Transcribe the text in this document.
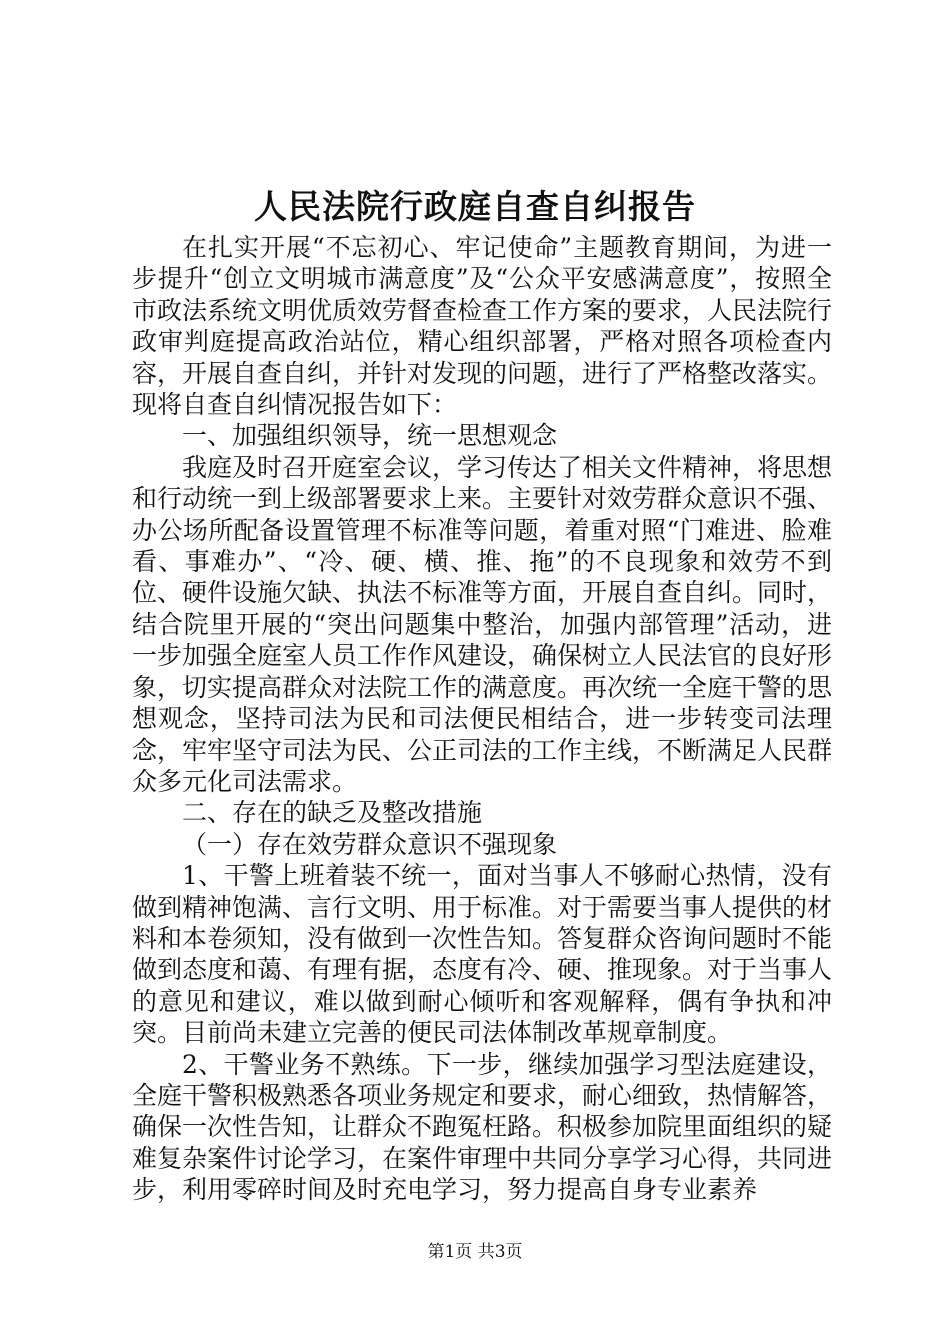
人民法院行政庭自查自纠报告

在扎实开展“不忘初心、牢记使命”主题教育期间，为进一步提升“创立文明城市满意度”及“公众平安感满意度”，按照全市政法系统文明优质效劳督查检查工作方案的要求，人民法院行政审判庭提高政治站位，精心组织部署，严格对照各项检查内容，开展自查自纠，并针对发现的问题，进行了严格整改落实。现将自查自纠情况报告如下：

一、加强组织领导，统一思想观念

我庭及时召开庭室会议，学习传达了相关文件精神，将思想和行动统一到上级部署要求上来。主要针对效劳群众意识不强、办公场所配备设置管理不标准等问题，着重对照“门难进、脸难看、事难办”、“冷、硬、横、推、拖”的不良现象和效劳不到位、硬件设施欠缺、执法不标准等方面，开展自查自纠。同时，结合院里开展的“突出问题集中整治，加强内部管理”活动，进一步加强全庭室人员工作作风建设，确保树立人民法官的良好形象，切实提高群众对法院工作的满意度。再次统一全庭干警的思想观念，坚持司法为民和司法便民相结合，进一步转变司法理念，牢牢坚守司法为民、公正司法的工作主线，不断满足人民群众多元化司法需求。

二、存在的缺乏及整改措施

（一）存在效劳群众意识不强现象

1、干警上班着装不统一，面对当事人不够耐心热情，没有做到精神饱满、言行文明、用于标准。对于需要当事人提供的材料和本卷须知，没有做到一次性告知。答复群众咨询问题时不能做到态度和蔼、有理有据，态度有冷、硬、推现象。对于当事人的意见和建议，难以做到耐心倾听和客观解释，偶有争执和冲突。目前尚未建立完善的便民司法体制改革规章制度。

2、干警业务不熟练。下一步，继续加强学习型法庭建设，全庭干警积极熟悉各项业务规定和要求，耐心细致，热情解答，确保一次性告知，让群众不跑冤枉路。积极参加院里面组织的疑难复杂案件讨论学习，在案件审理中共同分享学习心得，共同进步，利用零碎时间及时充电学习，努力提高自身专业素养

第1页 共3页
